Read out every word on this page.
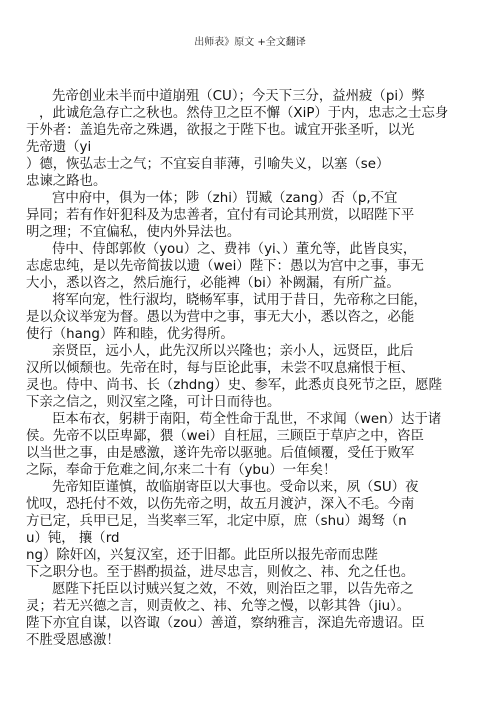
出师表》原文 +全文翻译
先帝创业未半而中道崩殂（CU）；今天下三分，益州疲（pi）弊
，此诚危急存亡之秋也。然侍卫之臣不懈（XiP）于内，忠志之士忘身
于外者：盖追先帝之殊遇，欲报之于陛下也。诚宜开张圣听，以光
先帝遗（yi
）德，恢弘志士之气；不宜妄自菲薄，引喻失义，以塞（se）
忠谏之路也。
宫中府中，俱为一体；陟（zhi）罚臧（zang）否（p,不宜
异同；若有作奸犯科及为忠善者，宜付有司论其刑赏，以昭陛下平
明之理；不宜偏私，使内外异法也。
侍中、侍郎郭攸（you）之、费祎（yi、）董允等，此皆良实，
志虑忠纯，是以先帝简拔以遗（wei）陛下：愚以为宫中之事，事无
大小，悉以咨之，然后施行，必能裨（bi）补阙漏，有所广益。
将军向宠，性行淑均，晓畅军事，试用于昔日，先帝称之曰能，
是以众议举宠为督。愚以为营中之事，事无大小，悉以咨之，必能
使行（hang）阵和睦，优劣得所。
亲贤臣，远小人，此先汉所以兴隆也；亲小人，远贤臣，此后
汉所以倾颓也。先帝在时，每与臣论此事，未尝不叹息痛恨于桓、
灵也。侍中、尚书、长（zhdng）史、参军，此悉贞良死节之臣，愿陛
下亲之信之，则汉室之隆，可计日而待也。
臣本布衣，躬耕于南阳，苟全性命于乱世，不求闻（wen）达于诸
侯。先帝不以臣卑鄙，猥（wei）自枉屈，三顾臣于草庐之中，咨臣
以当世之事，由是感激，遂许先帝以驱驰。后值倾覆，受任于败军
之际，奉命于危难之间,尔来二十有（ybu）一年矣！
先帝知臣谨慎，故临崩寄臣以大事也。受命以来，夙（SU）夜
忧叹，恐托付不效，以伤先帝之明，故五月渡泸，深入不毛。今南
方已定，兵甲已足，当奖率三军，北定中原，庶（shu）竭驽（n
u）钝， 攘（rd
ng）除奸凶，兴复汉室，还于旧都。此臣所以报先帝而忠陛
下之职分也。至于斟酌损益，进尽忠言，则攸之、祎、允之任也。
愿陛下托臣以讨贼兴复之效，不效，则治臣之罪，以告先帝之
灵；若无兴德之言，则责攸之、祎、允等之慢，以彰其咎（jiu）。
陛下亦宜自谋，以咨诹（zou）善道，察纳雅言，深追先帝遗诏。臣
不胜受恩感激！
